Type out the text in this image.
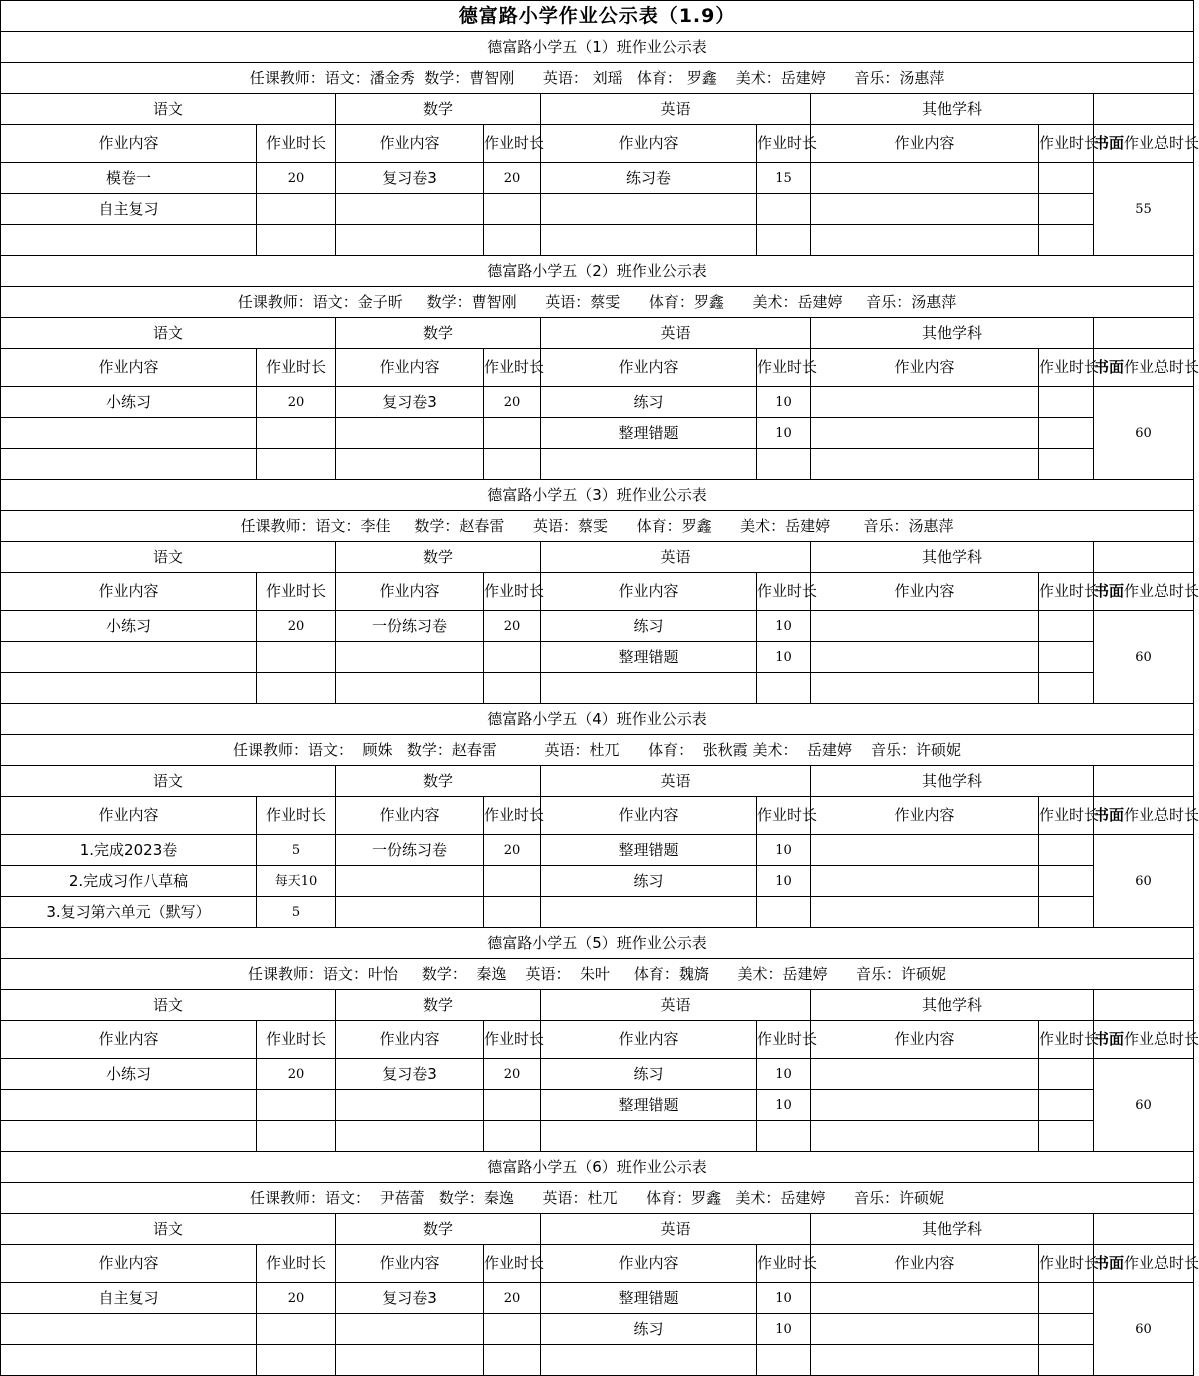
德富路小学作业公示表（1.9）								
德富路小学五（1）班作业公示表								
任课教师：语文：潘金秀  数学：曹智刚      英语： 刘瑶   体育： 罗鑫    美术：岳建婷      音乐：汤惠萍								
语文		数学		英语		其他学科		
作业内容	作业时长	作业内容	作业时长	作业内容	作业时长	作业内容	作业时长	书面作业总时长
模卷一	20	复习卷3	20	练习卷	15			55
自主复习								

德富路小学五（2）班作业公示表								
任课教师：语文：金子昕     数学：曹智刚      英语：蔡雯      体育：罗鑫      美术：岳建婷     音乐：汤惠萍								
语文		数学		英语		其他学科		
作业内容	作业时长	作业内容	作业时长	作业内容	作业时长	作业内容	作业时长	书面作业总时长
小练习	20	复习卷3	20	练习	10			60
				整理错题	10			

德富路小学五（3）班作业公示表								
任课教师：语文：李佳     数学：赵春雷      英语：蔡雯      体育：罗鑫      美术：岳建婷       音乐：汤惠萍								
语文		数学		英语		其他学科		
作业内容	作业时长	作业内容	作业时长	作业内容	作业时长	作业内容	作业时长	书面作业总时长
小练习	20	一份练习卷	20	练习	10			60
				整理错题	10			

德富路小学五（4）班作业公示表								
任课教师：语文：  顾姝   数学：赵春雷          英语：杜兀      体育：  张秋霞 美术：  岳建婷    音乐：许硕妮								
语文		数学		英语		其他学科		
作业内容	作业时长	作业内容	作业时长	作业内容	作业时长	作业内容	作业时长	书面作业总时长
1.完成2023卷	5	一份练习卷	20	整理错题	10			60
2.完成习作八草稿	每天10			练习	10			
3.复习第六单元（默写）	5							
德富路小学五（5）班作业公示表								
任课教师：语文：叶怡     数学：  秦逸    英语：  朱叶     体育：魏旖      美术：岳建婷      音乐：许硕妮								
语文		数学		英语		其他学科		
作业内容	作业时长	作业内容	作业时长	作业内容	作业时长	作业内容	作业时长	书面作业总时长
小练习	20	复习卷3	20	练习	10			60
				整理错题	10			

德富路小学五（6）班作业公示表								
任课教师：语文：  尹蓓蕾   数学：秦逸      英语：杜兀      体育：罗鑫   美术：岳建婷      音乐：许硕妮								
语文		数学		英语		其他学科		
作业内容	作业时长	作业内容	作业时长	作业内容	作业时长	作业内容	作业时长	书面作业总时长
自主复习	20	复习卷3	20	整理错题	10			60
				练习	10			
